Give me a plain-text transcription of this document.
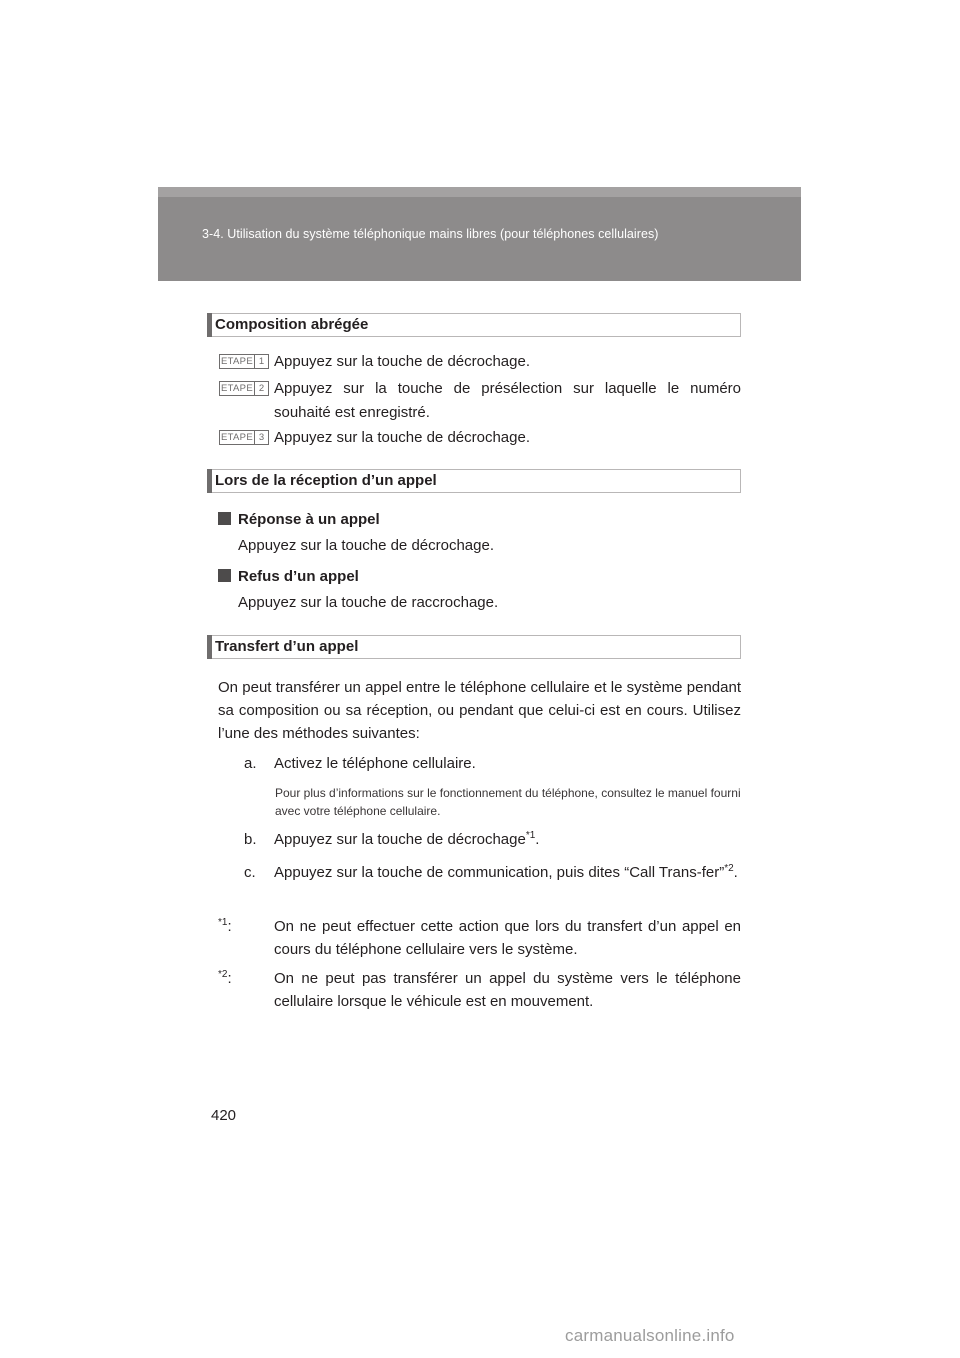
3-4. Utilisation du système téléphonique mains libres (pour téléphones cellulaires)
Composition abrégée
ETAPE 1 Appuyez sur la touche de décrochage.
ETAPE 2 Appuyez sur la touche de présélection sur laquelle le numéro
souhaité est enregistré.
ETAPE 3 Appuyez sur la touche de décrochage.
Lors de la réception d’un appel
Réponse à un appel
Appuyez sur la touche de décrochage.
Refus d’un appel
Appuyez sur la touche de raccrochage.
Transfert d’un appel
On peut transférer un appel entre le téléphone cellulaire et le système pendant sa composition ou sa réception, ou pendant que celui-ci est en cours. Utilisez l’une des méthodes suivantes:
a.	Activez le téléphone cellulaire.
Pour plus d’informations sur le fonctionnement du téléphone, consultez le manuel fourni avec votre téléphone cellulaire.
b.	Appuyez sur la touche de décrochage$^{*1}$.
c.	Appuyez sur la touche de communication, puis dites “Call Trans-fer”$^{*2}$.
$^{*1}$:	On ne peut effectuer cette action que lors du transfert d’un appel en cours du téléphone cellulaire vers le système.
$^{*2}$:	On ne peut pas transférer un appel du système vers le téléphone cellulaire lorsque le véhicule est en mouvement.
420
carmanualsonline.info
